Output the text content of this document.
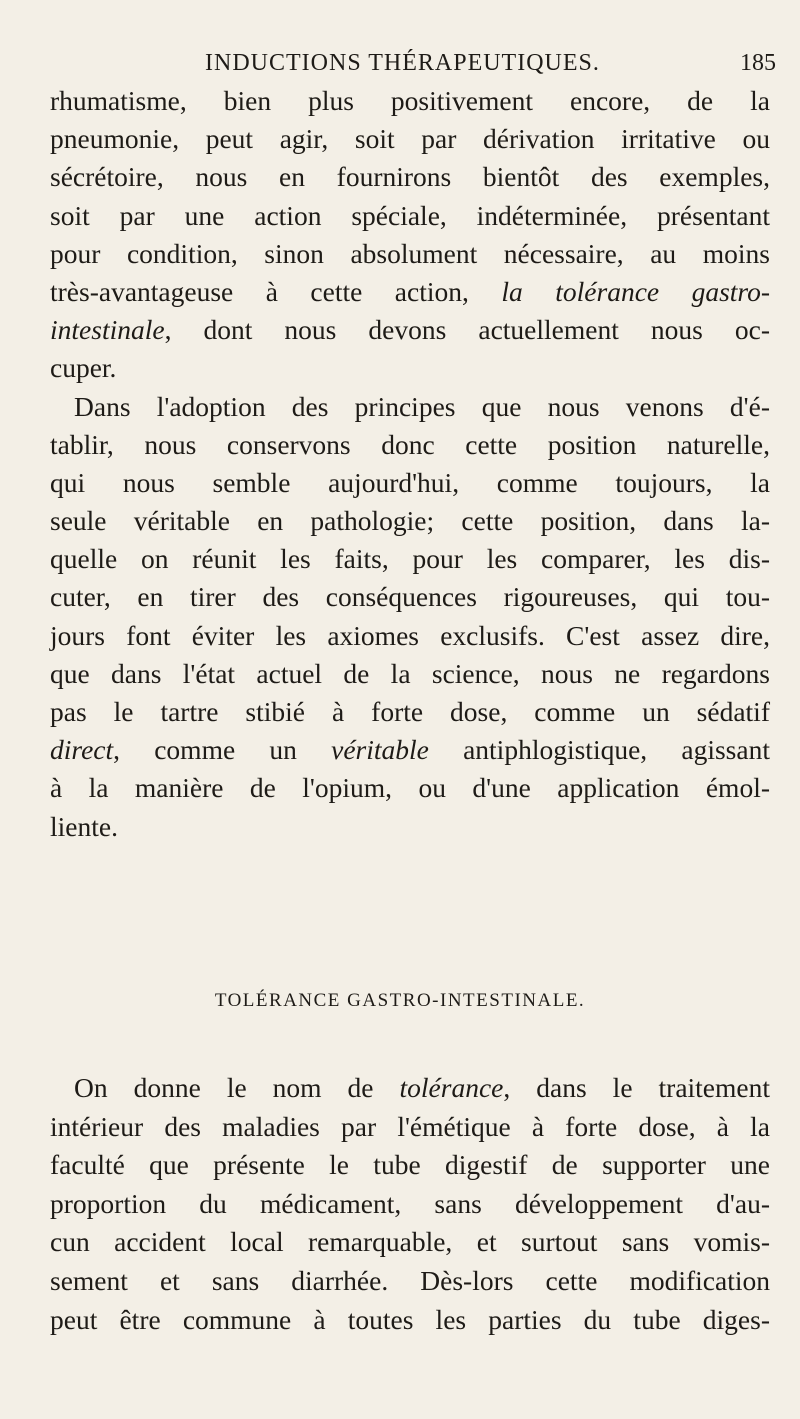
INDUCTIONS THÉRAPEUTIQUES.	185
rhumatisme, bien plus positivement encore, de la
pneumonie, peut agir, soit par dérivation irritative ou
sécrétoire, nous en fournirons bientôt des exemples,
soit par une action spéciale, indéterminée, présentant
pour condition, sinon absolument nécessaire, au moins
très-avantageuse à cette action, la tolérance gastro-
intestinale, dont nous devons actuellement nous oc-
cuper.
Dans l'adoption des principes que nous venons d'é-
tablir, nous conservons donc cette position naturelle,
qui nous semble aujourd'hui, comme toujours, la
seule véritable en pathologie; cette position, dans la-
quelle on réunit les faits, pour les comparer, les dis-
cuter, en tirer des conséquences rigoureuses, qui tou-
jours font éviter les axiomes exclusifs. C'est assez dire,
que dans l'état actuel de la science, nous ne regardons
pas le tartre stibié à forte dose, comme un sédatif
direct, comme un véritable antiphlogistique, agissant
à la manière de l'opium, ou d'une application émol-
liente.
TOLÉRANCE GASTRO-INTESTINALE.
On donne le nom de tolérance, dans le traitement
intérieur des maladies par l'émétique à forte dose, à la
faculté que présente le tube digestif de supporter une
proportion du médicament, sans développement d'au-
cun accident local remarquable, et surtout sans vomis-
sement et sans diarrhée. Dès-lors cette modification
peut être commune à toutes les parties du tube diges-
